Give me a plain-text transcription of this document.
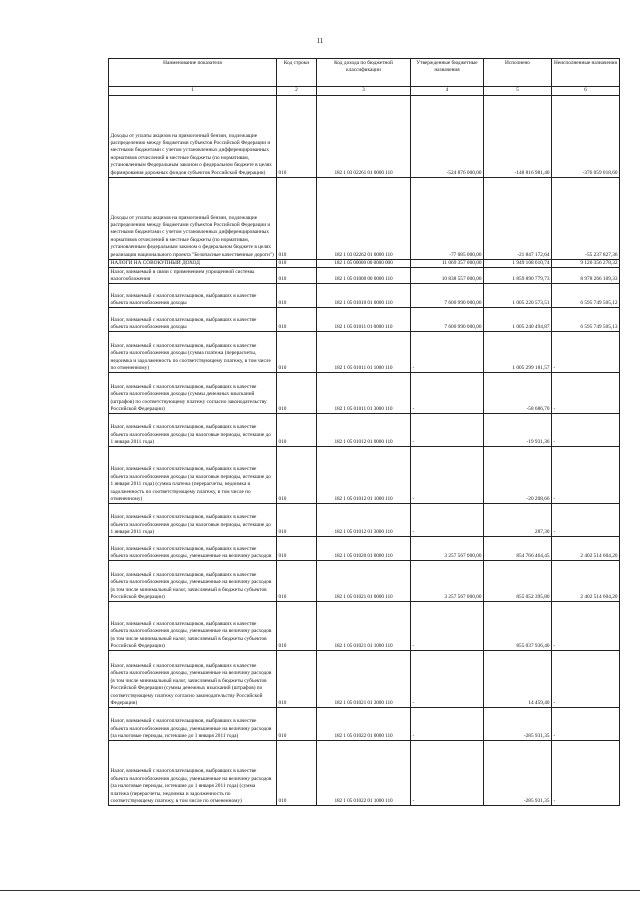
11
Наименование показателя	Код строки	Код дохода по бюджетной классификации	Утвержденные бюджетные назначения	Исполнено	Неисполненные назначения
1	2	3	4	5	6
Доходы от уплаты акцизов на прямогонный бензин, подлежащие распределению между бюджетами субъектов Российской Федерации и местными бюджетами с учетом установленных дифференцированных нормативов отчислений в местные бюджеты (по нормативам, установленным Федеральным законом о федеральном бюджете в целях формирования дорожных фондов субъектов Российской Федерации)	010	182 1 03 02261 01 0000 110	-524 876 000,00	-148 816 981,40	-376 059 018,60
Доходы от уплаты акцизов на прямогонный бензин, подлежащие распределению между бюджетами субъектов Российской Федерации и местными бюджетами с учетом установленных дифференцированных нормативов отчислений в местные бюджеты (по нормативам, установленным федеральным законом о федеральном бюджете в целях реализации национального проекта "Безопасные качественные дороги")	010	182 1 03 02262 01 0000 110	-77 085 000,00	-21 847 172,64	-55 237 827,36
НАЛОГИ НА СОВОКУПНЫЙ ДОХОД	010	182 1 05 00000 00 0000 000	11 069 357 000,00	1 949 108 610,74	9 120 356 278,32
Налог, взимаемый в связи с применением упрощенной системы налогообложения	010	182 1 05 01000 00 0000 110	10 838 557 000,00	1 859 890 779,73	8 978 266 109,33
Налог, взимаемый с налогоплательщиков, выбравших в качестве объекта налогообложения доходы	010	182 1 05 01010 01 0000 110	7 600 990 000,00	1 005 220 573,51	6 595 749 505,12
Налог, взимаемый с налогоплательщиков, выбравших в качестве объекта налогообложения доходы	010	182 1 05 01011 01 0000 110	7 600 990 000,00	1 005 240 494,87	6 595 749 505,13
Налог, взимаемый с налогоплательщиков, выбравших в качестве объекта налогообложения доходы (сумма платежа (перерасчеты, недоимка и задолженность по соответствующему платежу, в том числе по отмененному)	010	182 1 05 01011 01 1000 110	-	1 005 299 181,57	-
Налог, взимаемый с налогоплательщиков, выбравших в качестве объекта налогообложения доходы (суммы денежных взысканий (штрафов) по соответствующему платежу согласно законодательству Российской Федерации)	010	182 1 05 01011 01 3000 110	-	-58 686,70	-
Налог, взимаемый с налогоплательщиков, выбравших в качестве объекта налогообложения доходы (за налоговые периоды, истекшие до 1 января 2011 года)	010	182 1 05 01012 01 0000 110	-	-19 931,36	-
Налог, взимаемый с налогоплательщиков, выбравших в качестве объекта налогообложения доходы (за налоговые периоды, истекшие до 1 января 2011 года) (сумма платежа (перерасчеты, недоимка и задолженность по соответствующему платежу, в том числе по отмененному)	010	182 1 05 01012 01 1000 110	-	-20 208,66	-
Налог, взимаемый с налогоплательщиков, выбравших в качестве объекта налогообложения доходы (за налоговые периоды, истекшие до 1 января 2011 года)	010	182 1 05 01012 01 3000 110	-	287,30	-
Налог, взимаемый с налогоплательщиков, выбравших в качестве объекта налогообложения доходы, уменьшенные на величину расходов	010	182 1 05 01020 01 0000 110	3 257 567 000,00	854 766 464,45	2 402 514 604,20
Налог, взимаемый с налогоплательщиков, выбравших в качестве объекта налогообложения доходы, уменьшенные на величину расходов (в том числе минимальный налог, зачисляемый в бюджеты субъектов Российской Федерации)	010	182 1 05 01021 01 0000 110	3 257 567 000,00	855 052 395,80	2 402 514 604,20
Налог, взимаемый с налогоплательщиков, выбравших в качестве объекта налогообложения доходы, уменьшенные на величину расходов (в том числе минимальный налог, зачисляемый в бюджеты субъектов Российской Федерации)	010	182 1 05 01021 01 1000 110	-	855 037 936,40	-
Налог, взимаемый с налогоплательщиков, выбравших в качестве объекта налогообложения доходы, уменьшенные на величину расходов (в том числе минимальный налог, зачисляемый в бюджеты субъектов Российской Федерации (суммы денежных взысканий (штрафов) по соответствующему платежу согласно законодательству Российской Федерации)	010	182 1 05 01021 01 3000 110	-	14 459,40	-
Налог, взимаемый с налогоплательщиков, выбравших в качестве объекта налогообложения доходы, уменьшенные на величину расходов (за налоговые периоды, истекшие до 1 января 2011 года)	010	182 1 05 01022 01 0000 110	-	-285 931,35	-
Налог, взимаемый с налогоплательщиков, выбравших в качестве объекта налогообложения доходы, уменьшенные на величину расходов (за налоговые периоды, истекшие до 1 января 2011 года) (сумма платежа (перерасчеты, недоимка и задолженность по соответствующему платежу, в том числе по отмененному)	010	182 1 05 01022 01 1000 110	-	-285 931,35	-
